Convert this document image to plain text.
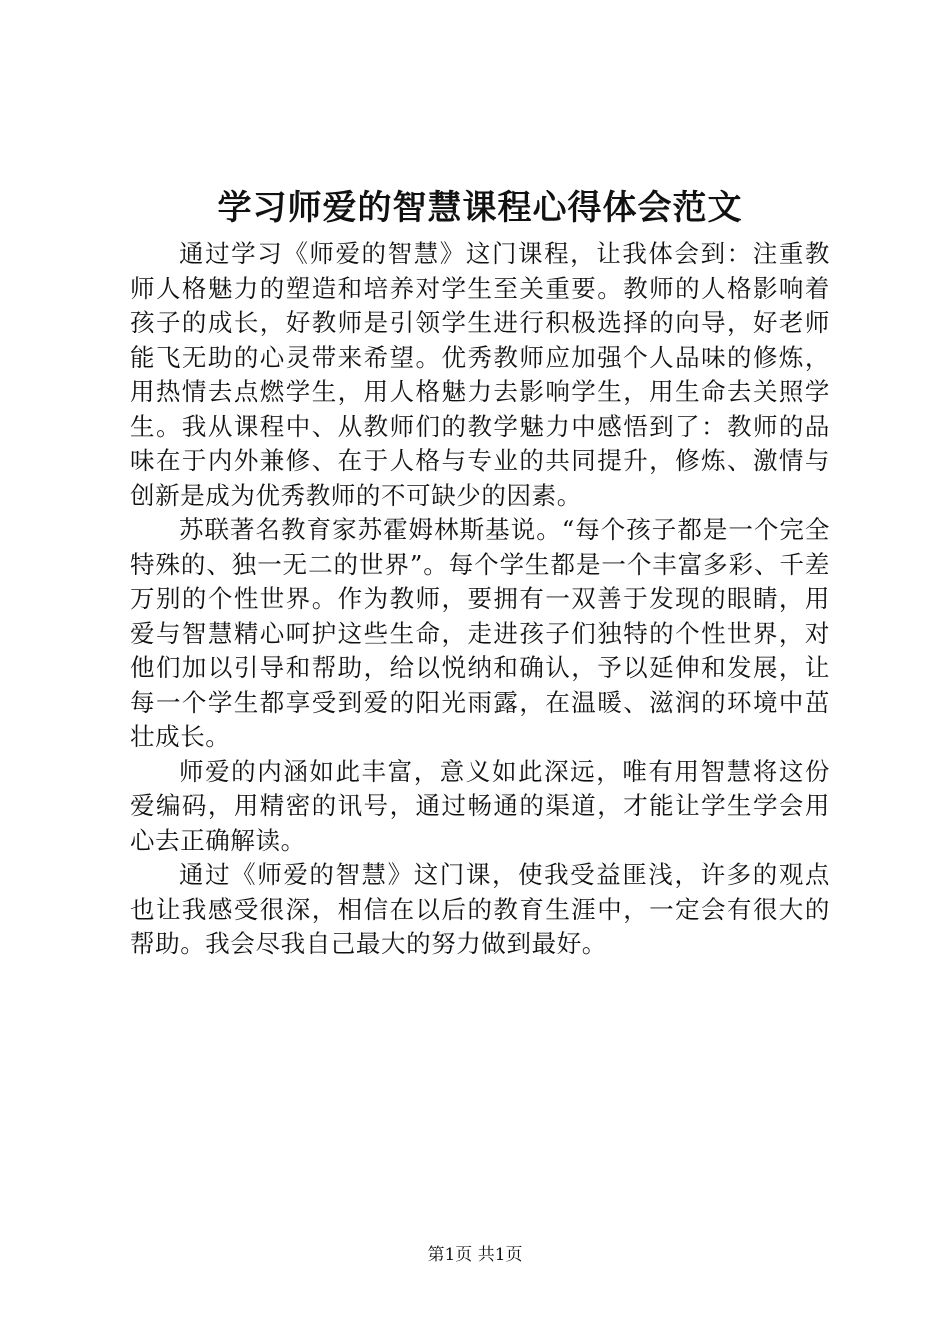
学习师爱的智慧课程心得体会范文

通过学习《师爱的智慧》这门课程，让我体会到：注重教师人格魅力的塑造和培养对学生至关重要。教师的人格影响着孩子的成长，好教师是引领学生进行积极选择的向导，好老师能飞无助的心灵带来希望。优秀教师应加强个人品味的修炼，用热情去点燃学生，用人格魅力去影响学生，用生命去关照学生。我从课程中、从教师们的教学魅力中感悟到了：教师的品味在于内外兼修、在于人格与专业的共同提升，修炼、激情与创新是成为优秀教师的不可缺少的因素。

苏联著名教育家苏霍姆林斯基说。“每个孩子都是一个完全特殊的、独一无二的世界”。每个学生都是一个丰富多彩、千差万别的个性世界。作为教师，要拥有一双善于发现的眼睛，用爱与智慧精心呵护这些生命，走进孩子们独特的个性世界，对他们加以引导和帮助，给以悦纳和确认，予以延伸和发展，让每一个学生都享受到爱的阳光雨露，在温暖、滋润的环境中茁壮成长。

师爱的内涵如此丰富，意义如此深远，唯有用智慧将这份爱编码，用精密的讯号，通过畅通的渠道，才能让学生学会用心去正确解读。

通过《师爱的智慧》这门课，使我受益匪浅，许多的观点也让我感受很深，相信在以后的教育生涯中，一定会有很大的帮助。我会尽我自己最大的努力做到最好。

第1页 共1页
